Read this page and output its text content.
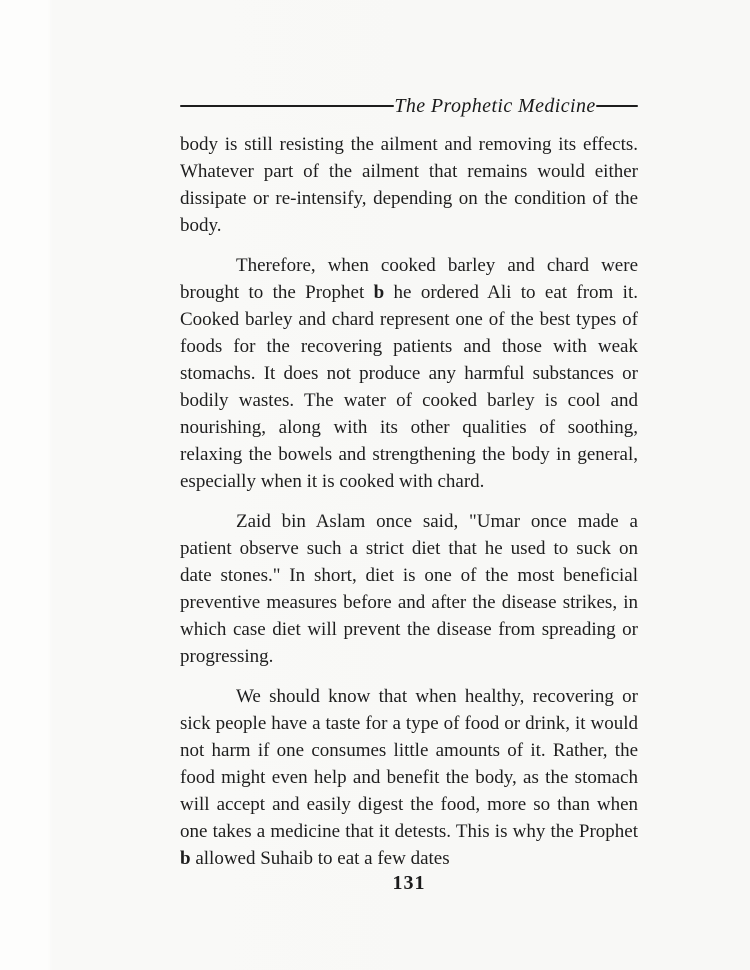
The Prophetic Medicine

body is still resisting the ailment and removing its effects. Whatever part of the ailment that remains would either dissipate or re-intensify, depending on the condition of the body.

Therefore, when cooked barley and chard were brought to the Prophet b he ordered Ali to eat from it. Cooked barley and chard represent one of the best types of foods for the recovering patients and those with weak stomachs. It does not produce any harmful substances or bodily wastes. The water of cooked barley is cool and nourishing, along with its other qualities of soothing, relaxing the bowels and strengthening the body in general, especially when it is cooked with chard.

Zaid bin Aslam once said, "Umar once made a patient observe such a strict diet that he used to suck on date stones." In short, diet is one of the most beneficial preventive measures before and after the disease strikes, in which case diet will prevent the disease from spreading or progressing.

We should know that when healthy, recovering or sick people have a taste for a type of food or drink, it would not harm if one consumes little amounts of it. Rather, the food might even help and benefit the body, as the stomach will accept and easily digest the food, more so than when one takes a medicine that it detests. This is why the Prophet b allowed Suhaib to eat a few dates

131
